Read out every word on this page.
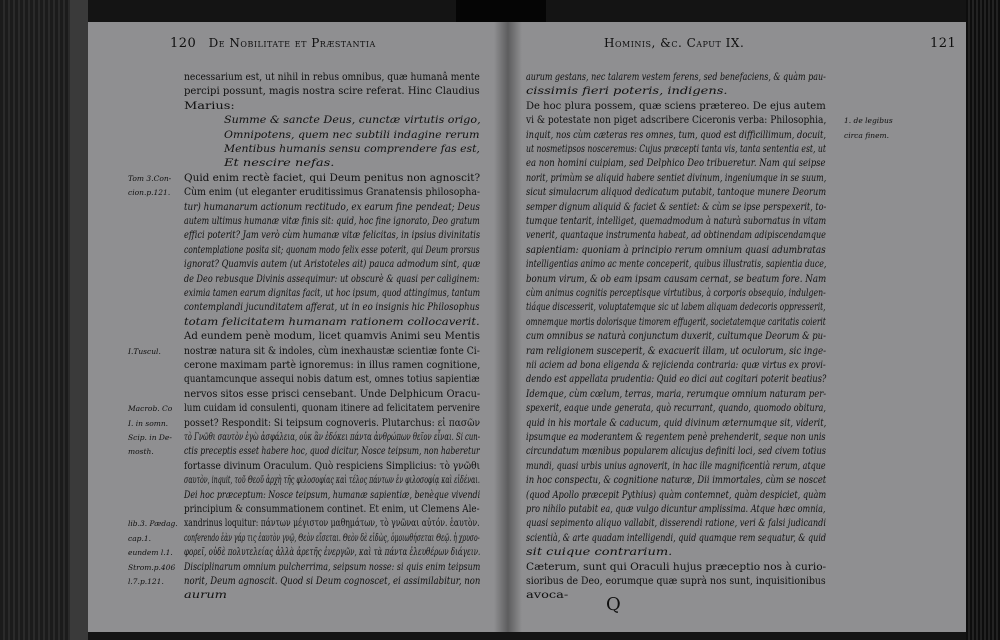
120 De Nobilitate et Præstantia
necessarium est, ut nihil in rebus omnibus, quæ humanâ mente
percipi possunt, magis nostra scire referat. Hinc Claudius
Marius:
Summe & sancte Deus, cunctæ virtutis origo,
Omnipotens, quem nec subtili indagine rerum
Mentibus humanis sensu comprendere fas est,
Et nescire nefas.
Quid enim rectè faciet, qui Deum penitus non agnoscit?
Cùm enim (ut eleganter eruditissimus Granatensis philosopha-
tur) humanarum actionum rectitudo, ex earum fine pendeat; Deus
autem ultimus humanæ vitæ finis sit: quid, hoc fine ignorato, Deo gratum
effici poterit? Jam verò cùm humanæ vitæ felicitas, in ipsius divinitatis
contemplatione posita sit; quonam modo felix esse poterit, qui Deum prorsus
ignorat? Quamvis autem (ut Aristoteles ait) pauca admodum sint, quæ
de Deo rebusque Divinis assequimur: ut obscurè & quasi per caliginem:
eximia tamen earum dignitas facit, ut hoc ipsum, quod attingimus, tantum
contemplandi jucunditatem afferat, ut in eo insignis hic Philosophus
totam felicitatem humanam rationem collocaverit.
Ad eundem penè modum, licet quamvis Animi seu Mentis
nostræ natura sit & indoles, cùm inexhaustæ scientiæ fonte Ci-
cerone maximam partè ignoremus: in illus ramen cognitione,
quantamcunque assequi nobis datum est, omnes totius sapientiæ
nervos sitos esse prisci censebant. Unde Delphicum Oracu-
lum cuidam id consulenti, quonam itinere ad felicitatem pervenire
posset? Respondit: Si teipsum cognoveris. Plutarchus: εἰ πασῶν
τὸ Γνῶθι σαυτὸν ἐγὼ ἀσφάλεια, οὐκ ἂν ἐδόκει πάντα ἀνθρώπων θεῖον εἶναι. Si cun-
ctis preceptis esset habere hoc, quod dicitur, Nosce teipsum, non haberetur
fortasse divinum Oraculum. Quò respiciens Simplicius: τὸ γνῶθι
σαυτὸν, inquit, τοῦ Θεοῦ ἀρχὴ τῆς φιλοσοφίας καὶ τέλος πάντων ἐν φιλοσοφίᾳ καὶ εἰδέναι.
Dei hoc præceptum: Nosce teipsum, humanæ sapientiæ, benèque vivendi
principium & consummationem continet. Et enim, ut Clemens Ale-
xandrinus loquitur: πάντων μέγιστον μαθημάτων, τὸ γνῶναι αὐτόν. ἑαυτὸν.
conferendo ἐὰν γάρ τις ἑαυτὸν γνῷ, Θεὸν εἴσεται. Θεὸν δὲ εἰδὼς, ὁμοιωθήσεται Θεῷ. ἡ χρυσο-
φορεῖ, οὐδὲ πολυτελείας ἀλλὰ ἀρετῆς ἐνεργῶν, καὶ τὰ πάντα ἐλευθέρων διάγειν.
Disciplinarum omnium pulcherrima, seipsum nosse: si quis enim teipsum
norit, Deum agnoscit. Quod si Deum cognoscet, ei assimilabitur, non
aurum
Tom 3.Con-
cion.p.121.
I.Tuscul.
Macrob. Co
I. in somn.
Scip. in De-
mosth.
lib.3. Pædag.
cap.1.
eundem l.1.
Strom.p.406
l.7.p.121.
Hominis, &c. Caput IX.	121
aurum gestans, nec talarem vestem ferens, sed benefaciens, & quàm pau-
cissimis fieri poteris, indigens.
De hoc plura possem, quæ sciens prætereo. De ejus autem
vi & potestate non piget adscribere Ciceronis verba: Philosophia,
inquit, nos cùm cæteras res omnes, tum, quod est difficillimum, docuit,
ut nosmetipsos nosceremus: Cujus præcepti tanta vis, tanta sententia est, ut
ea non homini cuipiam, sed Delphico Deo tribueretur. Nam qui seipse
norit, primùm se aliquid habere sentiet divinum, ingeniumque in se suum,
sicut simulacrum aliquod dedicatum putabit, tantoque munere Deorum
semper dignum aliquid & faciet & sentiet: & cùm se ipse perspexerit, to-
tumque tentarit, intelliget, quemadmodum à naturà subornatus in vitam
venerit, quantaque instrumenta habeat, ad obtinendam adipiscendamque
sapientiam: quoniam à principio rerum omnium quasi adumbratas
intelligentias animo ac mente conceperit, quibus illustratis, sapientia duce,
bonum virum, & ob eam ipsam causam cernat, se beatum fore. Nam
cùm animus cognitis perceptisque virtutibus, à corporis obsequio, indulgen-
tiáque discesserit, voluptatemque sic ut labem aliquam dedecoris oppresserit,
omnemque mortis dolorisque timorem effugerit, societatemque caritatis coierit
cum omnibus se naturà conjunctum duxerit, cultumque Deorum & pu-
ram religionem susceperit, & exacuerit illam, ut oculorum, sic inge-
nii aciem ad bona eligenda & rejicienda contraria: quæ virtus ex provi-
dendo est appellata prudentia: Quid eo dici aut cogitari poterit beatius?
Idemque, cùm cœlum, terras, maria, rerumque omnium naturam per-
spexerit, eaque unde generata, quò recurrant, quando, quomodo obitura,
quid in his mortale & caducum, quid divinum æternumque sit, viderit,
ipsumque ea moderantem & regentem penè prehenderit, seque non unis
circundatum mœnibus popularem alicujus definiti loci, sed civem totius
mundi, quasi urbis unius agnoverit, in hac ille magnificentià rerum, atque
in hoc conspectu, & cognitione naturæ, Dii immortales, cùm se noscet
(quod Apollo præcepit Pythius) quàm contemnet, quàm despiciet, quàm
pro nihilo putabit ea, quæ vulgo dicuntur amplissima. Atque hæc omnia,
quasi sepimento aliquo vallabit, disserendi ratione, veri & falsi judicandi
scientià, & arte quadam intelligendi, quid quamque rem sequatur, & quid
sit cuique contrarium.
Cæterum, sunt qui Oraculi hujus præceptio nos à curio-
sioribus de Deo, eorumque quæ suprà nos sunt, inquisitionibus
avoca-
1. de legibus
circa finem.
Q
